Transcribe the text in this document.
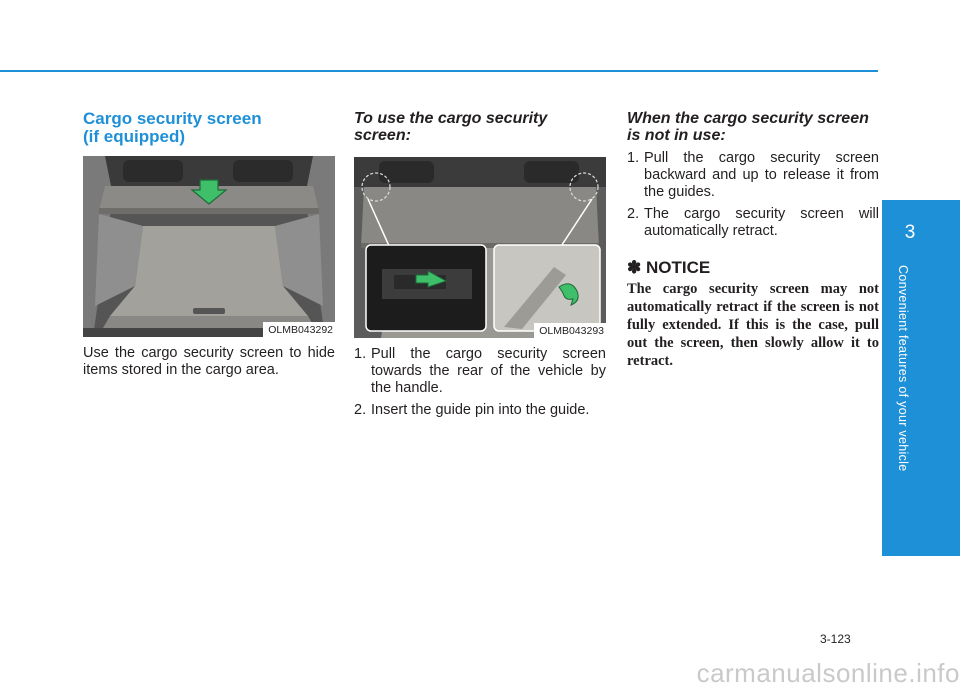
Cargo security screen
(if equipped)
OLMB043292

Use the cargo security screen to hide items stored in the cargo area.

To use the cargo security screen:
OLMB043293
1. Pull the cargo security screen towards the rear of the vehicle by the handle.
2. Insert the guide pin into the guide.
When the cargo security screen
is not in use:
1. Pull the cargo security screen backward and up to release it from the guides.
2. The cargo security screen will automatically retract.
✽ NOTICE

The cargo security screen may not automatically retract if the screen is not fully extended. If this is the case, pull out the screen, then slowly allow it to retract.

3
Convenient features of your vehicle
3-123
carmanualsonline.info
